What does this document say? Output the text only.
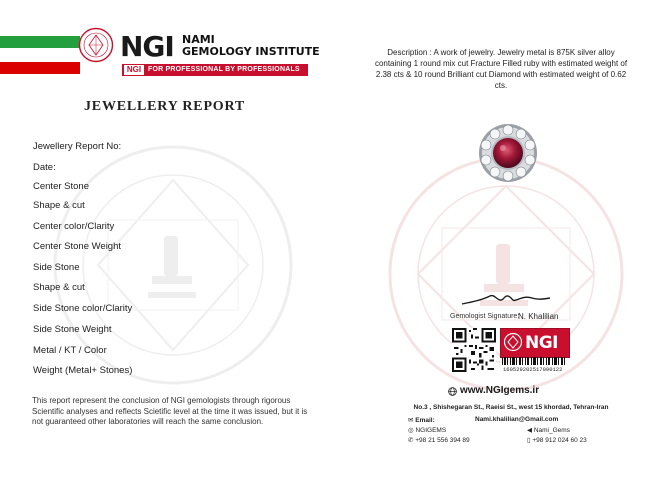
NGI NAMI
GEMOLOGY INSTITUTE
NGI FOR PROFESSIONAL BY PROFESSIONALS
JEWELLERY REPORT
Jewellery Report No:
Date:
Center Stone
Shape & cut
Center color/Clarity
Center Stone Weight
Side Stone
Shape & cut
Side Stone color/Clarity
Side Stone Weight
Metal / KT / Color
Weight (Metal+ Stones)
This report represent the conclusion of NGI gemologists through rigorous Scientific analyses and reflects Scietific level at the time it was issued, but it is not guaranteed other laboratories will reach the same conclusion.
Description : A work of jewelry. Jewelry metal is 875K silver alloy containing 1 round mix cut Fracture Filled ruby with estimated weight of 2.38 cts & 10 round Brilliant cut Diamond with estimated weight of 0.62 cts.
Gemologist Signature:
N. Khalilian
NGI
160529202517090122
www.NGIgems.ir
No.3 , Shishegaran St., Raeisi St., west 15 khordad, Tehran-Iran
✉ Email:	Nami.khalilian@Gmail.com
◎ NGIGEMS	◀ Nami_Gems
✆ +98 21 556 394 89	▯ +98 912 024 60 23
